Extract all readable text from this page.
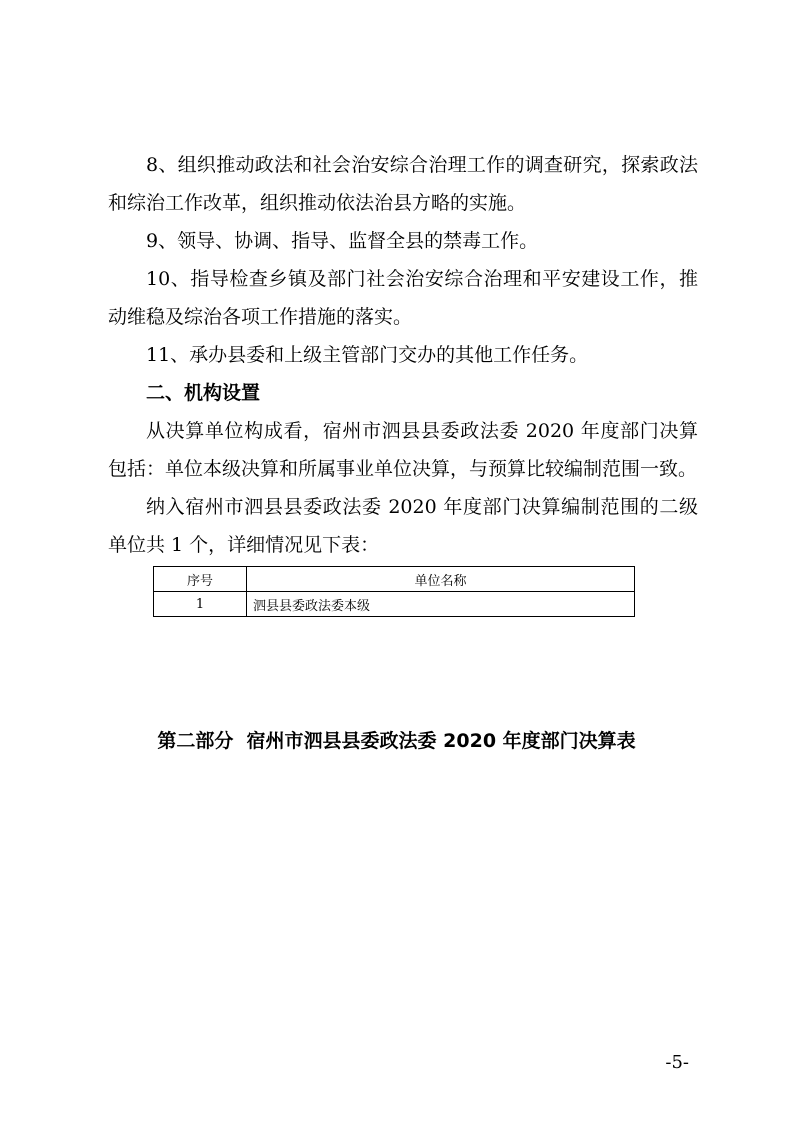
8、组织推动政法和社会治安综合治理工作的调查研究，探索政法和综治工作改革，组织推动依法治县方略的实施。

9、领导、协调、指导、监督全县的禁毒工作。

10、指导检查乡镇及部门社会治安综合治理和平安建设工作，推动维稳及综治各项工作措施的落实。

11、承办县委和上级主管部门交办的其他工作任务。

二、机构设置

从决算单位构成看，宿州市泗县县委政法委 2020 年度部门决算包括：单位本级决算和所属事业单位决算，与预算比较编制范围一致。

纳入宿州市泗县县委政法委 2020 年度部门决算编制范围的二级单位共 1 个，详细情况见下表：

序号	单位名称
1	泗县县委政法委本级
第二部分  宿州市泗县县委政法委 2020 年度部门决算表
-5-
